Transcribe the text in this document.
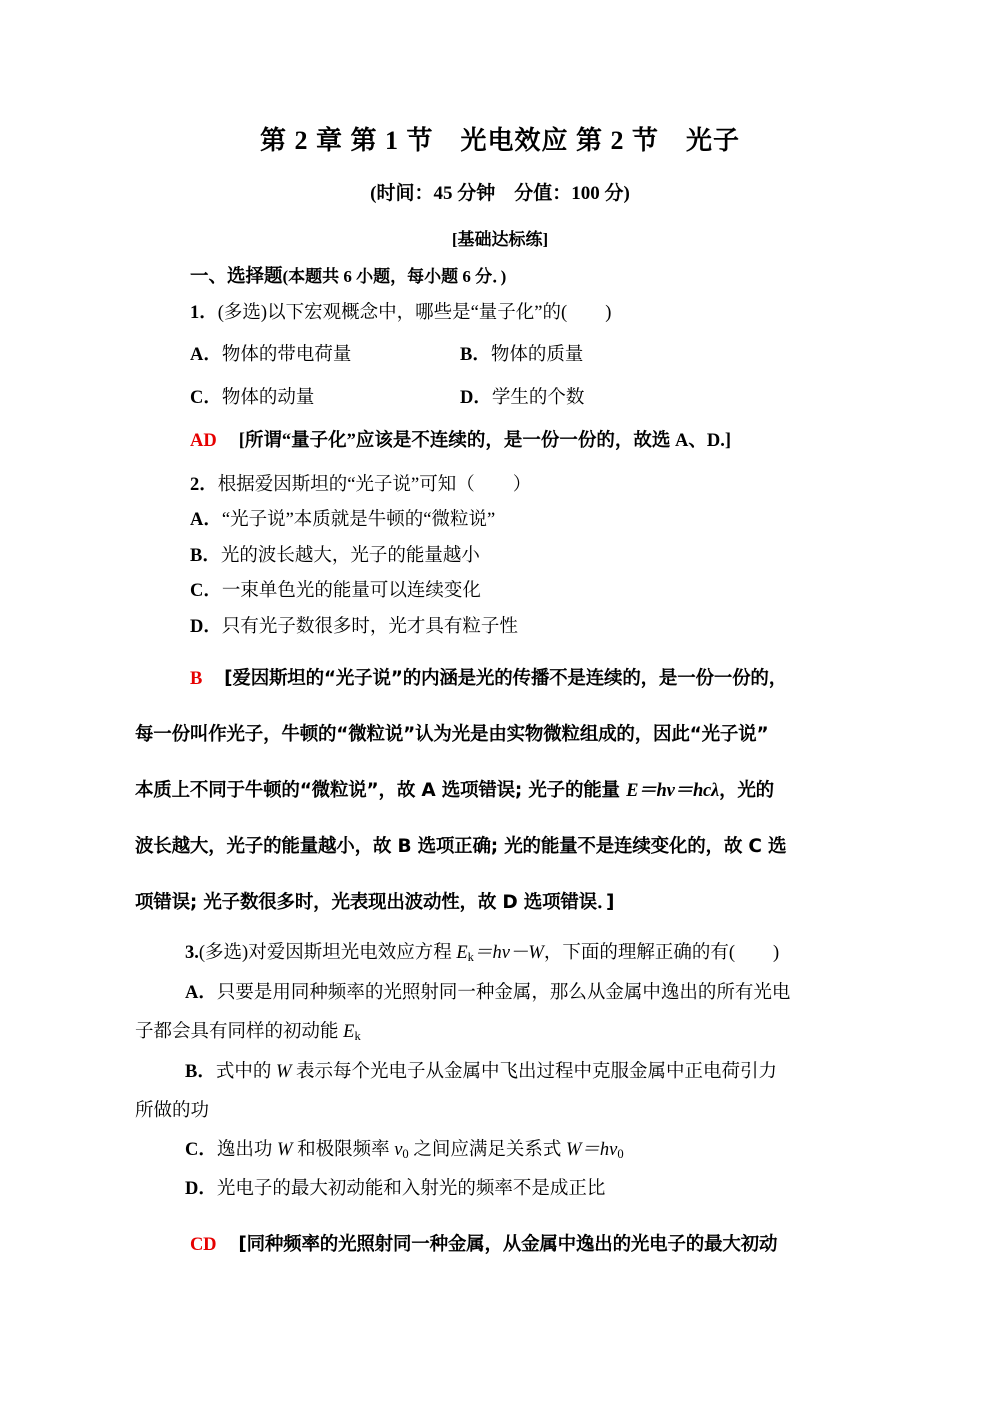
第 2 章 第 1 节　光电效应 第 2 节　光子
(时间：45 分钟　分值：100 分)
[基础达标练]
一、选择题(本题共 6 小题，每小题 6 分．)
1．(多选)以下宏观概念中，哪些是“量子化”的( )
A．物体的带电荷量	B．物体的质量
C．物体的动量	D．学生的个数
AD [所谓“量子化”应该是不连续的，是一份一份的，故选 A、D.]
2．根据爱因斯坦的“光子说”可知（ ）
A．“光子说”本质就是牛顿的“微粒说”
B．光的波长越大，光子的能量越小
C．一束单色光的能量可以连续变化
D．只有光子数很多时，光才具有粒子性
B [爱因斯坦的“光子说”的内涵是光的传播不是连续的，是一份一份的，
每一份叫作光子，牛顿的“微粒说”认为光是由实物微粒组成的，因此“光子说”
本质上不同于牛顿的“微粒说”，故 A 选项错误; 光子的能量 E＝hv＝hcλ，光的
波长越大，光子的能量越小，故 B 选项正确; 光的能量不是连续变化的，故 C 选
项错误; 光子数很多时，光表现出波动性，故 D 选项错误．]
3.(多选)对爱因斯坦光电效应方程 $E_k=hv-W$，下面的理解正确的有( )
A．只要是用同种频率的光照射同一种金属，那么从金属中逸出的所有光电
子都会具有同样的初动能 $E_k$
B．式中的 W 表示每个光电子从金属中飞出过程中克服金属中正电荷引力
所做的功
C．逸出功 W 和极限频率 $v_0$ 之间应满足关系式 $W=hv_0$
D．光电子的最大初动能和入射光的频率不是成正比
CD [同种频率的光照射同一种金属，从金属中逸出的光电子的最大初动
